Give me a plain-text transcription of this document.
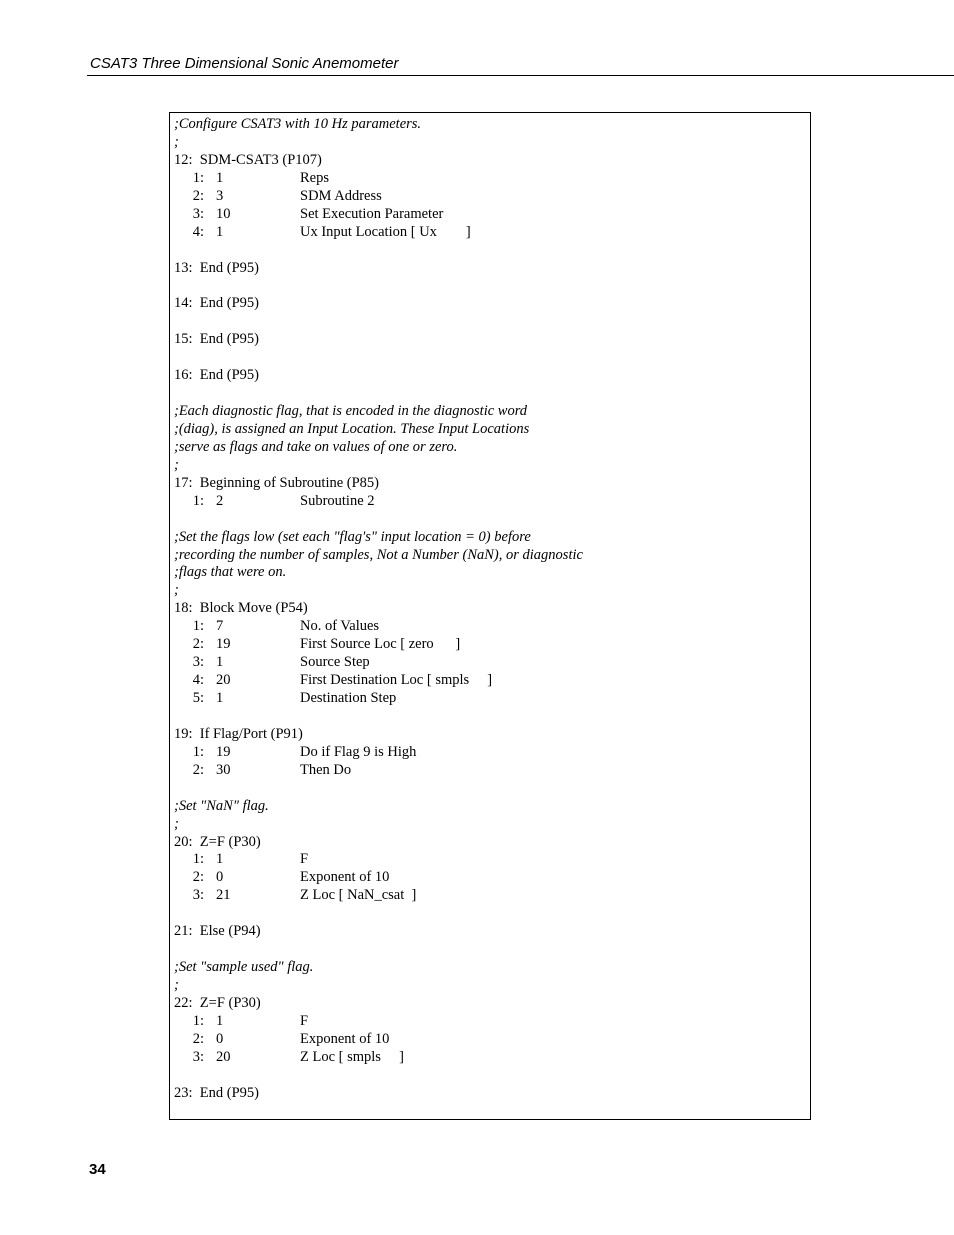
CSAT3 Three Dimensional Sonic Anemometer
;Configure CSAT3 with 10 Hz parameters.
;
12:  SDM-CSAT3 (P107)
1: 1	Reps
2: 3	SDM Address
3: 10	Set Execution Parameter
4: 1	Ux Input Location [ Ux        ]
13:  End (P95)
14:  End (P95)
15:  End (P95)
16:  End (P95)
;Each diagnostic flag, that is encoded in the diagnostic word
;(diag), is assigned an Input Location. These Input Locations
;serve as flags and take on values of one or zero.
;
17:  Beginning of Subroutine (P85)
1: 2	Subroutine 2
;Set the flags low (set each "flag's" input location = 0) before
;recording the number of samples, Not a Number (NaN), or diagnostic
;flags that were on.
;
18:  Block Move (P54)
1: 7	No. of Values
2: 19	First Source Loc [ zero      ]
3: 1	Source Step
4: 20	First Destination Loc [ smpls     ]
5: 1	Destination Step
19:  If Flag/Port (P91)
1: 19	Do if Flag 9 is High
2: 30	Then Do
;Set "NaN" flag.
;
20:  Z=F (P30)
1: 1	F
2: 0	Exponent of 10
3: 21	Z Loc [ NaN_csat  ]
21:  Else (P94)
;Set "sample used" flag.
;
22:  Z=F (P30)
1: 1	F
2: 0	Exponent of 10
3: 20	Z Loc [ smpls     ]
23:  End (P95)
34
